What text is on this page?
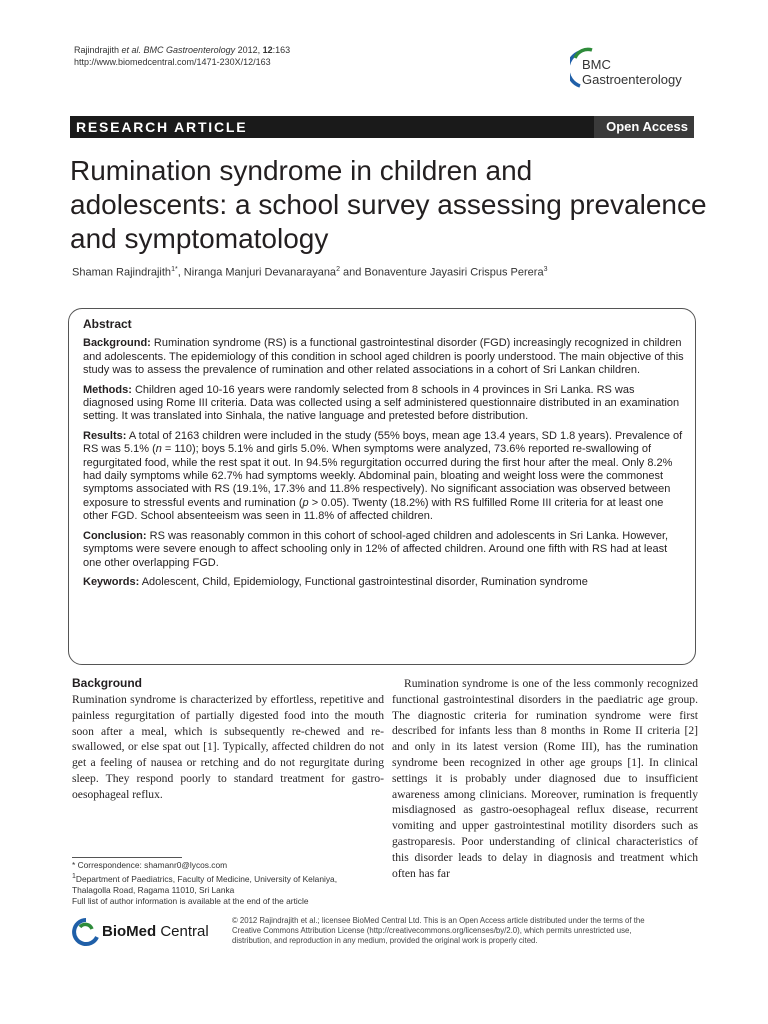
Rajindrajith et al. BMC Gastroenterology 2012, 12:163
http://www.biomedcentral.com/1471-230X/12/163	BMC
Gastroenterology
RESEARCH ARTICLE	Open Access
Rumination syndrome in children and
adolescents: a school survey assessing prevalence
and symptomatology
Shaman Rajindrajith$^{1*}$, Niranga Manjuri Devanarayana$^2$ and Bonaventure Jayasiri Crispus Perera$^3$
Abstract

Background: Rumination syndrome (RS) is a functional gastrointestinal disorder (FGD) increasingly recognized in children and adolescents. The epidemiology of this condition in school aged children is poorly understood. The main objective of this study was to assess the prevalence of rumination and other related associations in a cohort of Sri Lankan children.

Methods: Children aged 10-16 years were randomly selected from 8 schools in 4 provinces in Sri Lanka. RS was diagnosed using Rome III criteria. Data was collected using a self administered questionnaire distributed in an examination setting. It was translated into Sinhala, the native language and pretested before distribution.

Results: A total of 2163 children were included in the study (55% boys, mean age 13.4 years, SD 1.8 years). Prevalence of RS was 5.1% (n = 110); boys 5.1% and girls 5.0%. When symptoms were analyzed, 73.6% reported re-swallowing of regurgitated food, while the rest spat it out. In 94.5% regurgitation occurred during the first hour after the meal. Only 8.2% had daily symptoms while 62.7% had symptoms weekly. Abdominal pain, bloating and weight loss were the commonest symptoms associated with RS (19.1%, 17.3% and 11.8% respectively). No significant association was observed between exposure to stressful events and rumination (p > 0.05). Twenty (18.2%) with RS fulfilled Rome III criteria for at least one other FGD. School absenteeism was seen in 11.8% of affected children.

Conclusion: RS was reasonably common in this cohort of school-aged children and adolescents in Sri Lanka. However, symptoms were severe enough to affect schooling only in 12% of affected children. Around one fifth with RS had at least one other overlapping FGD.

Keywords: Adolescent, Child, Epidemiology, Functional gastrointestinal disorder, Rumination syndrome

Background

Rumination syndrome is characterized by effortless, repetitive and painless regurgitation of partially digested food into the mouth soon after a meal, which is subsequently re-chewed and re-swallowed, or else spat out [1]. Typically, affected children do not get a feeling of nausea or retching and do not regurgitate during sleep. They respond poorly to standard treatment for gastro-oesophageal reflux.

Rumination syndrome is one of the less commonly recognized functional gastrointestinal disorders in the paediatric age group. The diagnostic criteria for rumination syndrome were first described for infants less than 8 months in Rome II criteria [2] and only in its latest version (Rome III), has the rumination syndrome been recognized in other age groups [1]. In clinical settings it is probably under diagnosed due to insufficient awareness among clinicians. Moreover, rumination is frequently misdiagnosed as gastro-oesophageal reflux disease, recurrent vomiting and upper gastrointestinal motility disorders such as gastroparesis. Poor understanding of clinical characteristics of this disorder leads to delay in diagnosis and treatment which often has far

* Correspondence: shamanr0@lycos.com
$^1$Department of Paediatrics, Faculty of Medicine, University of Kelaniya,
Thalagolla Road, Ragama 11010, Sri Lanka
Full list of author information is available at the end of the article
BioMed Central
© 2012 Rajindrajith et al.; licensee BioMed Central Ltd. This is an Open Access article distributed under the terms of the
Creative Commons Attribution License (http://creativecommons.org/licenses/by/2.0), which permits unrestricted use,
distribution, and reproduction in any medium, provided the original work is properly cited.
